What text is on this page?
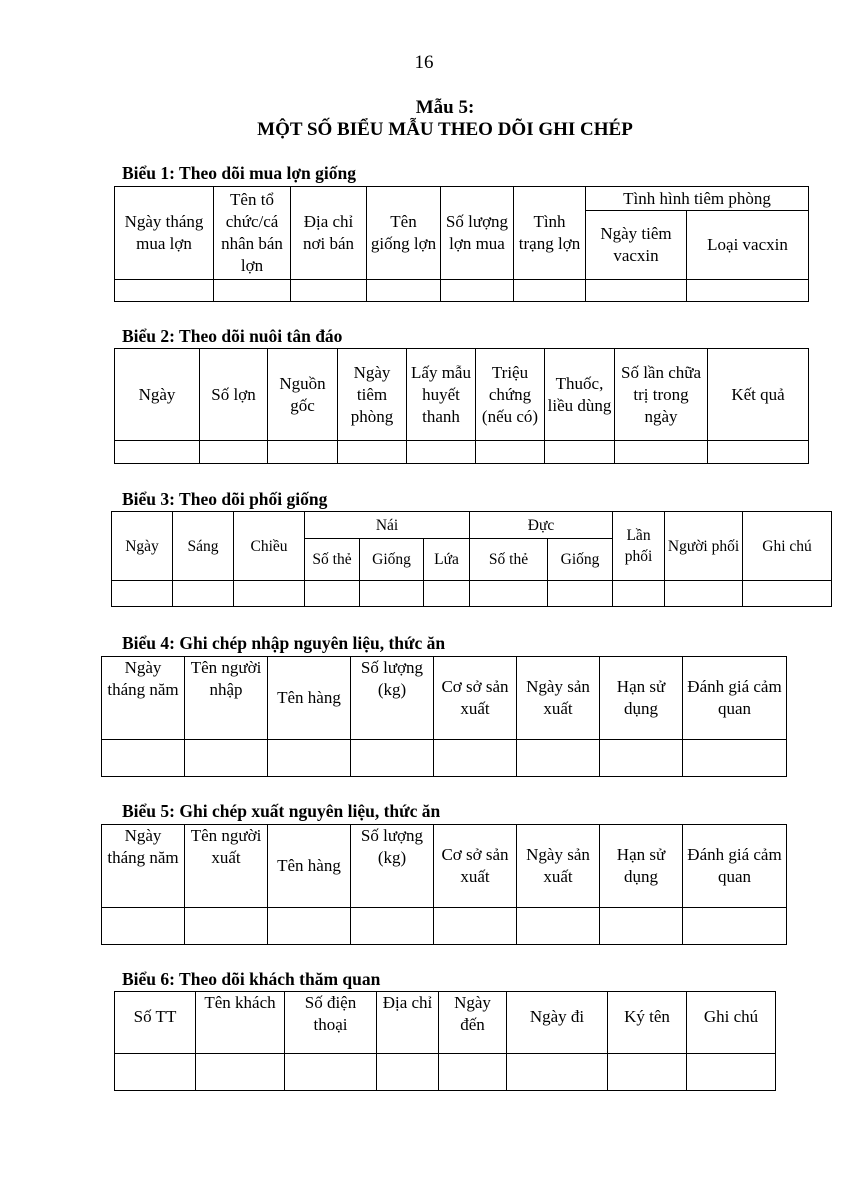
16
Mẫu 5:
MỘT SỐ BIỂU MẪU THEO DÕI GHI CHÉP
Biểu 1: Theo dõi mua lợn giống
Ngày tháng mua lợn	Tên tổ chức/cá nhân bán lợn	Địa chỉ nơi bán	Tên giống lợn	Số lượng lợn mua	Tình trạng lợn	Tình hình tiêm phòng	
						Ngày tiêm vacxin	Loại vacxin

Biểu 2: Theo dõi nuôi tân đáo
Ngày	Số lợn	Nguồn gốc	Ngày tiêm phòng	Lấy mẫu huyết thanh	Triệu chứng (nếu có)	Thuốc, liều dùng	Số lần chữa trị trong ngày	Kết quả

Biểu 3: Theo dõi phối giống
Ngày	Sáng	Chiều	Nái			Đực		Lần phối	Người phối	Ghi chú
			Số thẻ	Giống	Lứa	Số thẻ	Giống			

Biểu 4: Ghi chép nhập nguyên liệu, thức ăn
Ngày tháng năm	Tên người nhập	Tên hàng	Số lượng (kg)	Cơ sở sản xuất	Ngày sản xuất	Hạn sử dụng	Đánh giá cảm quan

Biểu 5: Ghi chép xuất nguyên liệu, thức ăn
Ngày tháng năm	Tên người xuất	Tên hàng	Số lượng (kg)	Cơ sở sản xuất	Ngày sản xuất	Hạn sử dụng	Đánh giá cảm quan

Biểu 6: Theo dõi khách thăm quan
Số TT	Tên khách	Số điện thoại	Địa chỉ	Ngày đến	Ngày đi	Ký tên	Ghi chú
